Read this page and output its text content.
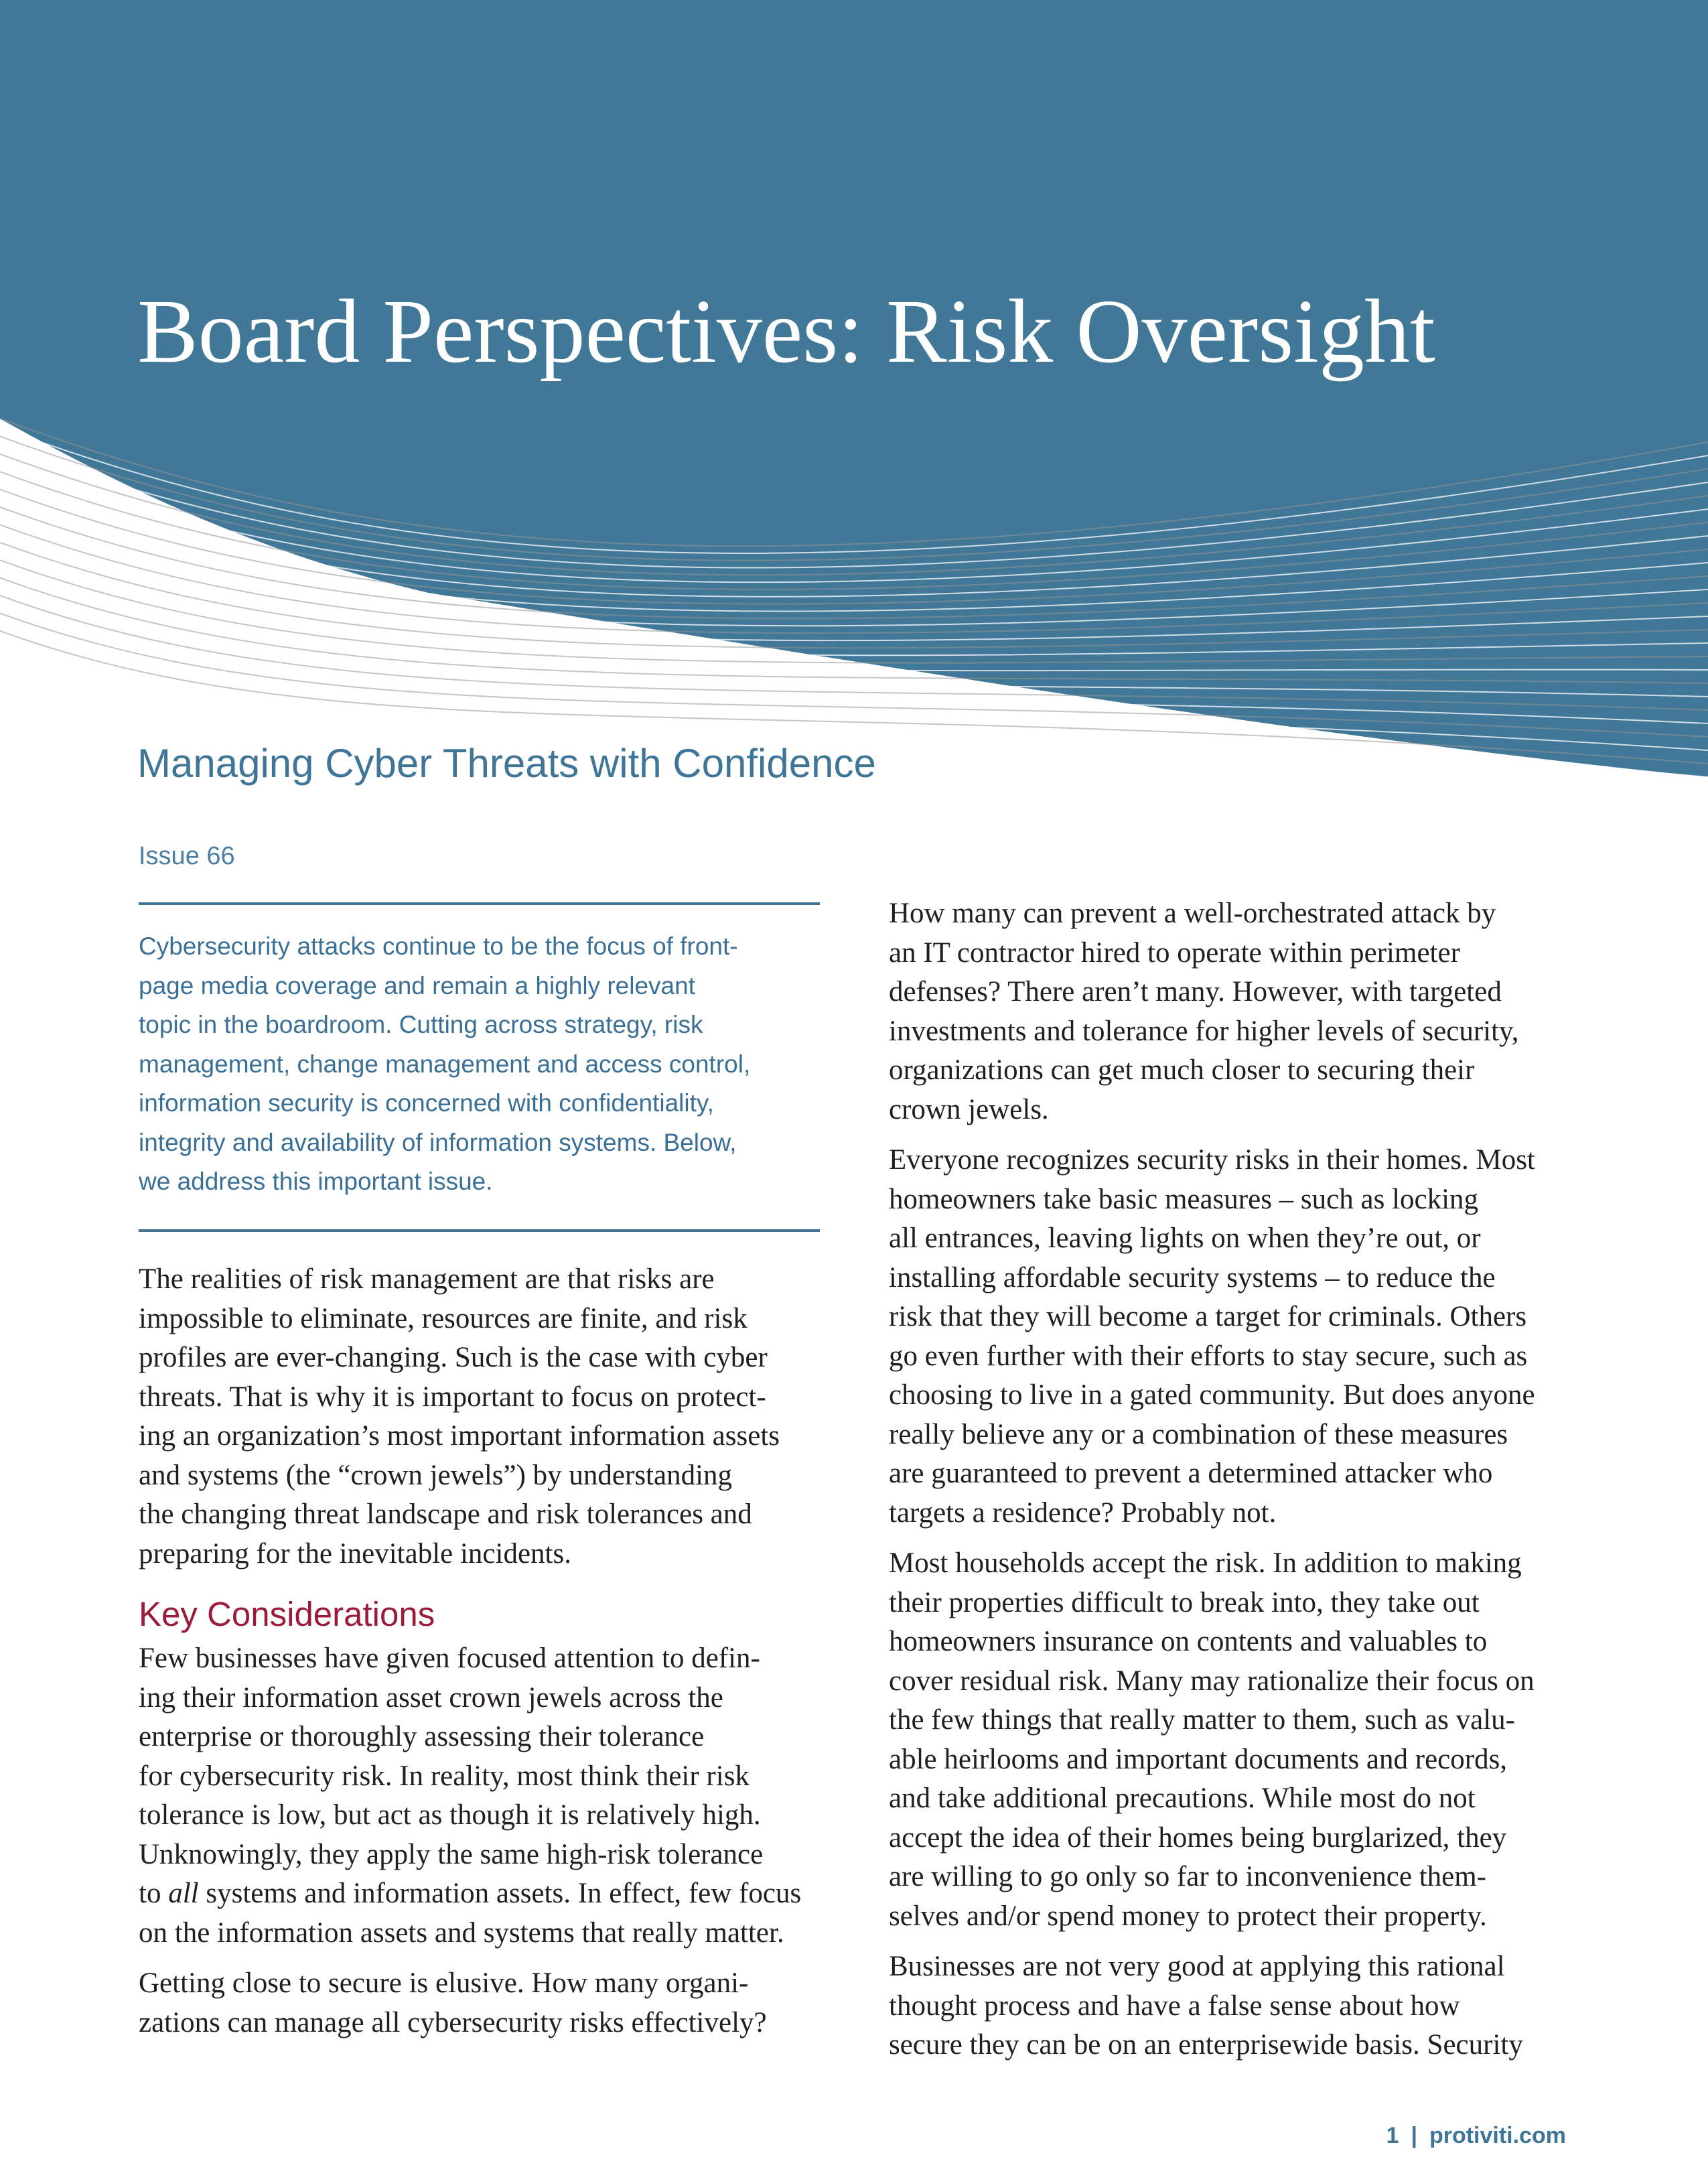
Board Perspectives: Risk Oversight
Managing Cyber Threats with Confidence
Issue 66
Cybersecurity attacks continue to be the focus of front-
page media coverage and remain a highly relevant
topic in the boardroom. Cutting across strategy, risk
management, change management and access control,
information security is concerned with confidentiality,
integrity and availability of information systems. Below,
we address this important issue.

The realities of risk management are that risks are
impossible to eliminate, resources are finite, and risk
profiles are ever-changing. Such is the case with cyber
threats. That is why it is important to focus on protect-
ing an organization’s most important information assets
and systems (the “crown jewels”) by understanding
the changing threat landscape and risk tolerances and
preparing for the inevitable incidents.

Key Considerations

Few businesses have given focused attention to defin-
ing their information asset crown jewels across the
enterprise or thoroughly assessing their tolerance
for cybersecurity risk. In reality, most think their risk
tolerance is low, but act as though it is relatively high.
Unknowingly, they apply the same high-risk tolerance
to all systems and information assets. In effect, few focus
on the information assets and systems that really matter.

Getting close to secure is elusive. How many organi-
zations can manage all cybersecurity risks effectively?

How many can prevent a well-orchestrated attack by
an IT contractor hired to operate within perimeter
defenses? There aren’t many. However, with targeted
investments and tolerance for higher levels of security,
organizations can get much closer to securing their
crown jewels.

Everyone recognizes security risks in their homes. Most
homeowners take basic measures – such as locking
all entrances, leaving lights on when they’re out, or
installing affordable security systems – to reduce the
risk that they will become a target for criminals. Others
go even further with their efforts to stay secure, such as
choosing to live in a gated community. But does anyone
really believe any or a combination of these measures
are guaranteed to prevent a determined attacker who
targets a residence? Probably not.

Most households accept the risk. In addition to making
their properties difficult to break into, they take out
homeowners insurance on contents and valuables to
cover residual risk. Many may rationalize their focus on
the few things that really matter to them, such as valu-
able heirlooms and important documents and records,
and take additional precautions. While most do not
accept the idea of their homes being burglarized, they
are willing to go only so far to inconvenience them-
selves and/or spend money to protect their property.

Businesses are not very good at applying this rational
thought process and have a false sense about how
secure they can be on an enterprisewide basis. Security

1 | protiviti.com
